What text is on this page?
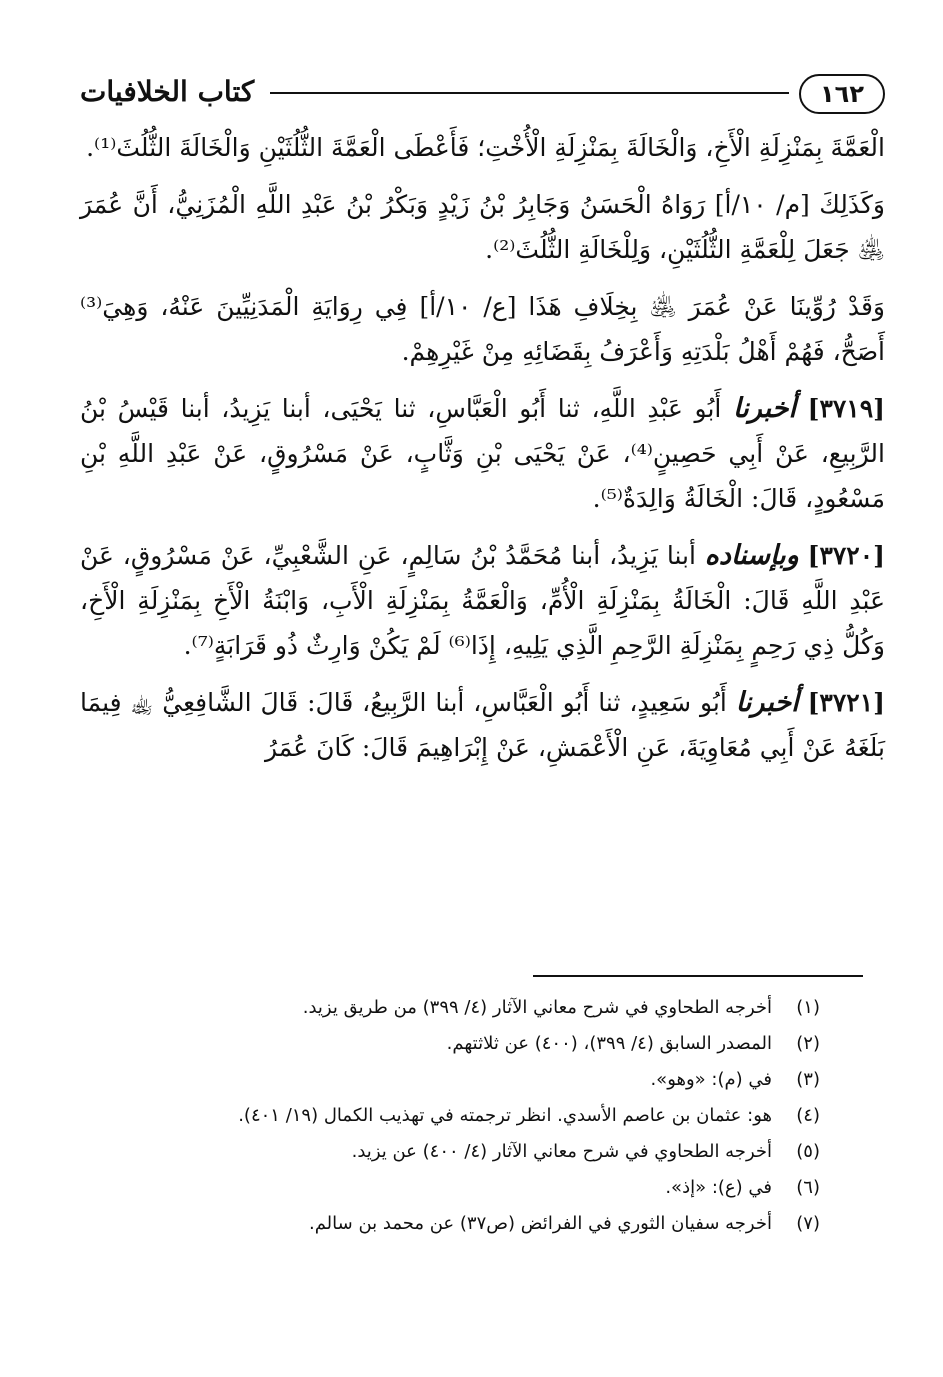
١٦٢
كتاب الخلافيات

الْعَمَّةَ بِمَنْزِلَةِ الْأَخِ، وَالْخَالَةَ بِمَنْزِلَةِ الْأُخْتِ؛ فَأَعْطَى الْعَمَّةَ الثُّلُثَيْنِ وَالْخَالَةَ الثُّلُثَ⁽¹⁾.

وَكَذَلِكَ [م/ ١٠/أ] رَوَاهُ الْحَسَنُ وَجَابِرُ بْنُ زَيْدٍ وَبَكْرُ بْنُ عَبْدِ اللَّهِ الْمُزَنِيُّ، أَنَّ عُمَرَ ﵁ جَعَلَ لِلْعَمَّةِ الثُّلُثَيْنِ، وَلِلْخَالَةِ الثُّلُثَ⁽²⁾.

وَقَدْ رُوِّينَا عَنْ عُمَرَ ﵁ بِخِلَافِ هَذَا [ع/ ١٠/أ] فِي رِوَايَةِ الْمَدَنِيِّينَ عَنْهُ، وَهِيَ⁽³⁾ أَصَحُّ، فَهُمْ أَهْلُ بَلْدَتِهِ وَأَعْرَفُ بِقَضَائِهِ مِنْ غَيْرِهِمْ.

[٣٧١٩] أخبرنا أَبُو عَبْدِ اللَّهِ، ثنا أَبُو الْعَبَّاسِ، ثنا يَحْيَى، أبنا يَزِيدُ، أبنا قَيْسُ بْنُ الرَّبِيعِ، عَنْ أَبِي حَصِينٍ⁽⁴⁾، عَنْ يَحْيَى بْنِ وَثَّابٍ، عَنْ مَسْرُوقٍ، عَنْ عَبْدِ اللَّهِ بْنِ مَسْعُودٍ، قَالَ: الْخَالَةُ وَالِدَةٌ⁽⁵⁾.

[٣٧٢٠] وبإسناده أبنا يَزِيدُ، أبنا مُحَمَّدُ بْنُ سَالِمٍ، عَنِ الشَّعْبِيِّ، عَنْ مَسْرُوقٍ، عَنْ عَبْدِ اللَّهِ قَالَ: الْخَالَةُ بِمَنْزِلَةِ الْأُمِّ، وَالْعَمَّةُ بِمَنْزِلَةِ الْأَبِ، وَابْنَةُ الْأَخِ بِمَنْزِلَةِ الْأَخِ، وَكُلُّ ذِي رَحِمٍ بِمَنْزِلَةِ الرَّحِمِ الَّذِي يَلِيهِ، إِذَا⁽⁶⁾ لَمْ يَكُنْ وَارِثٌ ذُو قَرَابَةٍ⁽⁷⁾.

[٣٧٢١] أخبرنا أَبُو سَعِيدٍ، ثنا أَبُو الْعَبَّاسِ، أبنا الرَّبِيعُ، قَالَ: قَالَ الشَّافِعِيُّ ﵀ فِيمَا بَلَغَهُ عَنْ أَبِي مُعَاوِيَةَ، عَنِ الْأَعْمَشِ، عَنْ إِبْرَاهِيمَ قَالَ: كَانَ عُمَرُ

(١)أخرجه الطحاوي في شرح معاني الآثار (٤/ ٣٩٩) من طريق يزيد.
(٢)المصدر السابق (٤/ ٣٩٩)، (٤٠٠) عن ثلاثتهم.
(٣)في (م): «وهو».
(٤)هو: عثمان بن عاصم الأسدي. انظر ترجمته في تهذيب الكمال (١٩/ ٤٠١).
(٥)أخرجه الطحاوي في شرح معاني الآثار (٤/ ٤٠٠) عن يزيد.
(٦)في (ع): «إذ».
(٧)أخرجه سفيان الثوري في الفرائض (ص٣٧) عن محمد بن سالم.
